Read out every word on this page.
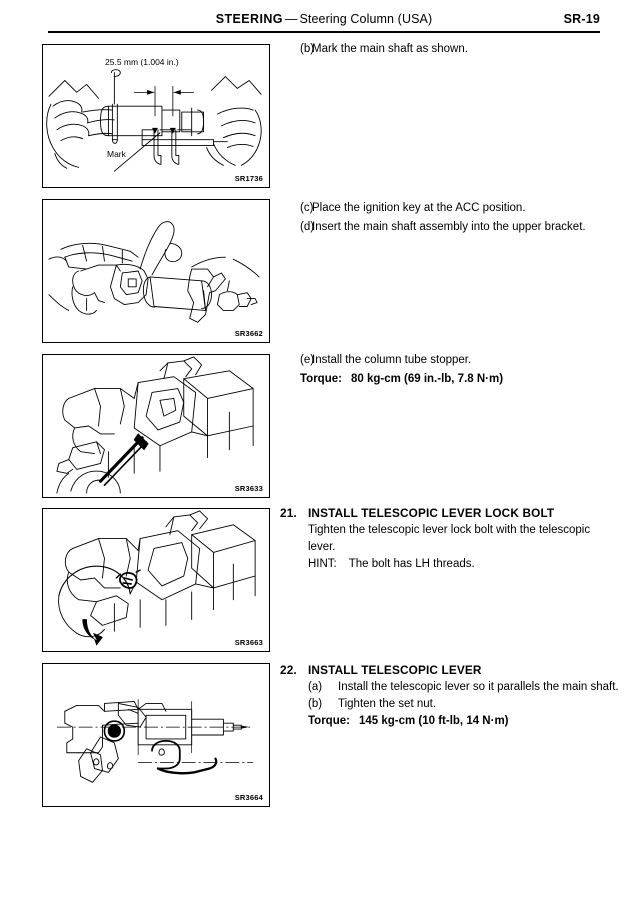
STEERING — Steering Column (USA)	SR-19
25.5 mm (1.004 in.)
Mark
SR1736
SR3662
SR3633
SR3663
SR3664
(b)
Mark the main shaft as shown.
(c)
Place the ignition key at the ACC position.
(d)
Insert the main shaft assembly into the upper bracket.
(e)
Install the column tube stopper.
Torque: 80 kg-cm (69 in.-lb, 7.8 N·m)
21. INSTALL TELESCOPIC LEVER LOCK BOLT
Tighten the telescopic lever lock bolt with the telescopic lever.
HINT:	The bolt has LH threads.
22. INSTALL TELESCOPIC LEVER
(a)	Install the telescopic lever so it parallels the main shaft.
(b)	Tighten the set nut.
Torque: 145 kg-cm (10 ft-lb, 14 N·m)
